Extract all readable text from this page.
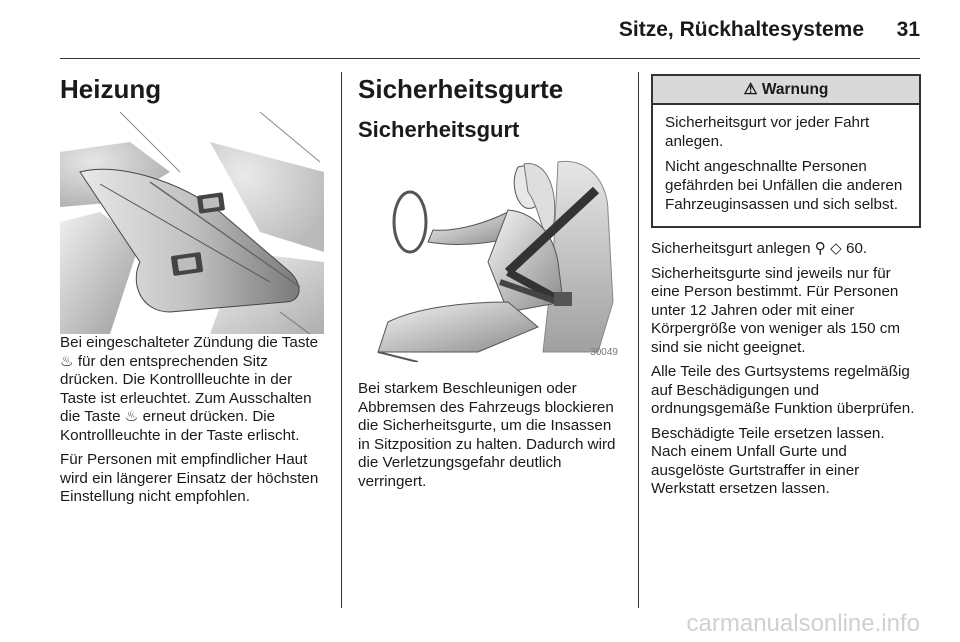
Sitze, Rückhaltesysteme 31
Heizung

Bei eingeschalteter Zündung die Taste ♨ für den entsprechenden Sitz drücken. Die Kontrollleuchte in der Taste ist erleuchtet. Zum Ausschalten die Taste ♨ erneut drücken. Die Kontrollleuchte in der Taste erlischt.

Für Personen mit empfindlicher Haut wird ein längerer Einsatz der höchsten Einstellung nicht empfohlen.

Sicherheitsgurte
Sicherheitsgurt
30049

Bei starkem Beschleunigen oder Abbremsen des Fahrzeugs blockieren die Sicherheitsgurte, um die Insassen in Sitzposition zu halten. Dadurch wird die Verletzungsgefahr deutlich verringert.

⚠ Warnung

Sicherheitsgurt vor jeder Fahrt anlegen.

Nicht angeschnallte Personen gefährden bei Unfällen die anderen Fahrzeuginsassen und sich selbst.

Sicherheitsgurt anlegen ⚲ ◇ 60.

Sicherheitsgurte sind jeweils nur für eine Person bestimmt. Für Personen unter 12 Jahren oder mit einer Körpergröße von weniger als 150 cm sind sie nicht geeignet.

Alle Teile des Gurtsystems regelmäßig auf Beschädigungen und ordnungsgemäße Funktion überprüfen.

Beschädigte Teile ersetzen lassen. Nach einem Unfall Gurte und ausgelöste Gurtstraffer in einer Werkstatt ersetzen lassen.

carmanualsonline.info
